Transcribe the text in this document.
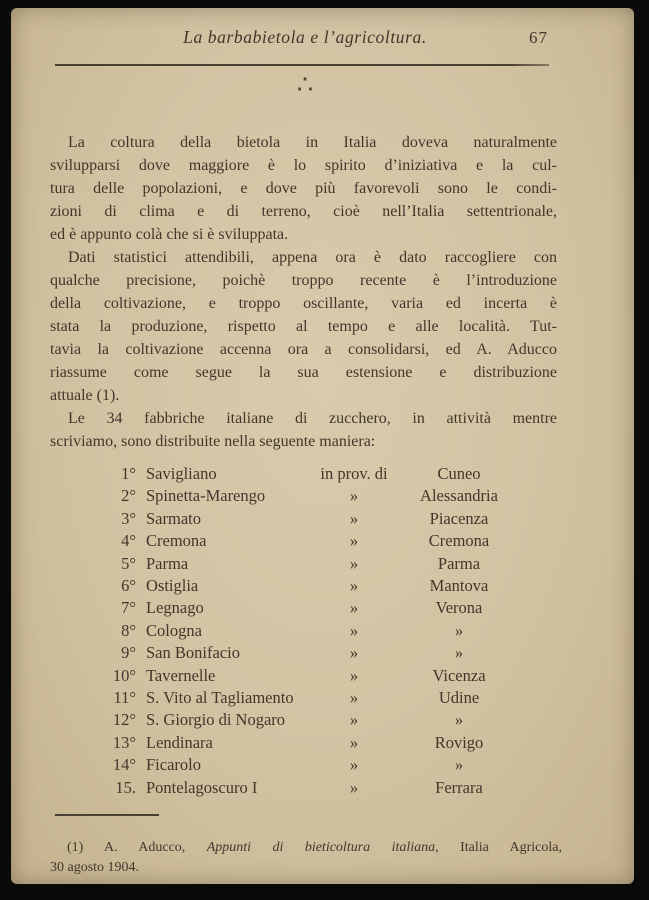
La barbabietola e l’agricoltura.	67
∴
La coltura della bietola in Italia doveva naturalmente
svilupparsi dove maggiore è lo spirito d’iniziativa e la cul-
tura delle popolazioni, e dove più favorevoli sono le condi-
zioni di clima e di terreno, cioè nell’Italia settentrionale,
ed è appunto colà che si è sviluppata.
Dati statistici attendibili, appena ora è dato raccogliere con
qualche precisione, poichè troppo recente è l’introduzione
della coltivazione, e troppo oscillante, varia ed incerta è
stata la produzione, rispetto al tempo e alle località. Tut-
tavia la coltivazione accenna ora a consolidarsi, ed A. Aducco
riassume come segue la sua estensione e distribuzione
attuale (1).
Le 34 fabbriche italiane di zucchero, in attività mentre
scriviamo, sono distribuite nella seguente maniera:
1° Savigliano	in prov. di	Cuneo
2° Spinetta-Marengo	»	Alessandria
3° Sarmato	»	Piacenza
4° Cremona	»	Cremona
5° Parma	»	Parma
6° Ostiglia	»	Mantova
7° Legnago	»	Verona
8° Cologna	»	»
9° San Bonifacio	»	»
10° Tavernelle	»	Vicenza
11° S. Vito al Tagliamento	»	Udine
12° S. Giorgio di Nogaro	»	»
13° Lendinara	»	Rovigo
14° Ficarolo	»	»
15. Pontelagoscuro I	»	Ferrara
(1) A. Aducco, Appunti di bieticoltura italiana, Italia Agricola,
30 agosto 1904.
